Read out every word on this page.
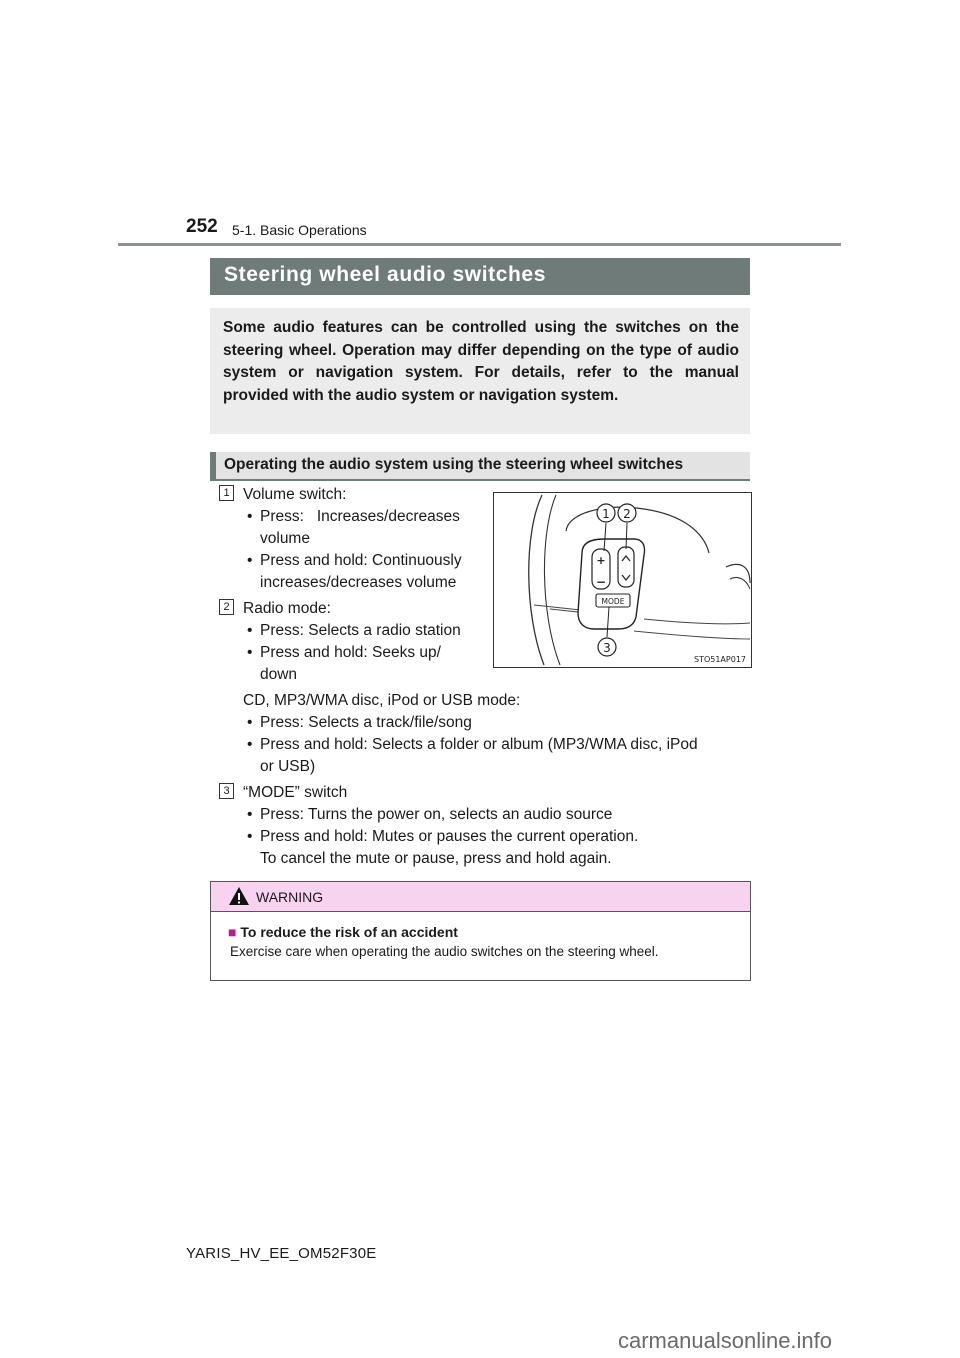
252 5-1. Basic Operations
Steering wheel audio switches
Some audio features can be controlled using the switches on the steering wheel. Operation may differ depending on the type of audio system or navigation system. For details, refer to the manual provided with the audio system or navigation system.
Operating the audio system using the steering wheel switches
1 Volume switch:
• Press:   Increases/decreases
volume
• Press and hold: Continuously
increases/decreases volume
2 Radio mode:
• Press: Selects a radio station
• Press and hold: Seeks up/
down
CD, MP3/WMA disc, iPod or USB mode:
• Press: Selects a track/file/song
• Press and hold: Selects a folder or album (MP3/WMA disc, iPod
or USB)
3 “MODE” switch
• Press: Turns the power on, selects an audio source
• Press and hold: Mutes or pauses the current operation.
To cancel the mute or pause, press and hold again.
+
−
MODE
1 2
3
STO51AP017
WARNING
■ To reduce the risk of an accident
Exercise care when operating the audio switches on the steering wheel.
YARIS_HV_EE_OM52F30E
carmanualsonline.info
